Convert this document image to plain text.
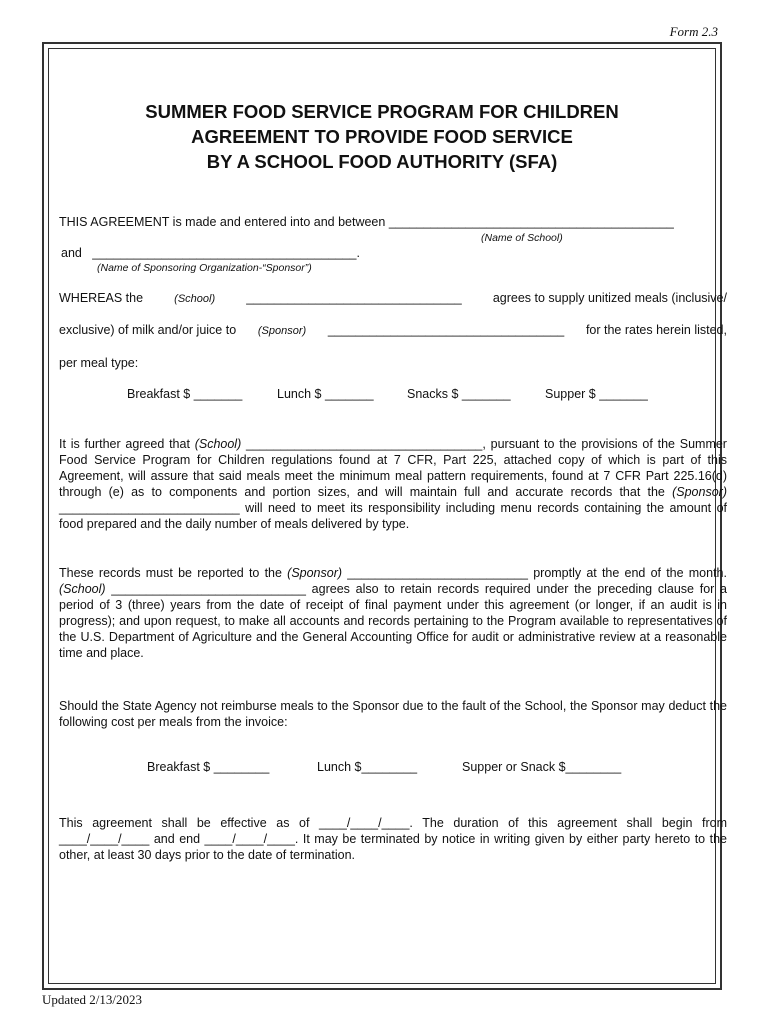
Form 2.3
SUMMER FOOD SERVICE PROGRAM FOR CHILDREN
AGREEMENT TO PROVIDE FOOD SERVICE
BY A SCHOOL FOOD AUTHORITY (SFA)
THIS AGREEMENT is made and entered into and between _________________________________________
(Name of School)
and ______________________________________.
(Name of Sponsoring Organization-“Sponsor”)
WHEREAS the	(School) _______________________________ agrees to supply unitized meals (inclusive/
exclusive) of milk and/or juice to (Sponsor) __________________________________ for the rates herein listed,
per meal type:
Breakfast $ _______	Lunch $ _______	Snacks $ _______	Supper $ _______

It is further agreed that (School) __________________________________, pursuant to the provisions of the Summer Food Service Program for Children regulations found at 7 CFR, Part 225, attached copy of which is part of this Agreement, will assure that said meals meet the minimum meal pattern requirements, found at 7 CFR Part 225.16(d) through (e) as to components and portion sizes, and will maintain full and accurate records that the (Sponsor) __________________________ will need to meet its responsibility including menu records containing the amount of food prepared and the daily number of meals delivered by type.

These records must be reported to the (Sponsor) __________________________ promptly at the end of the month. (School) ____________________________ agrees also to retain records required under the preceding clause for a period of 3 (three) years from the date of receipt of final payment under this agreement (or longer, if an audit is in progress); and upon request, to make all accounts and records pertaining to the Program available to representatives of the U.S. Department of Agriculture and the General Accounting Office for audit or administrative review at a reasonable time and place.

Should the State Agency not reimburse meals to the Sponsor due to the fault of the School, the Sponsor may deduct the following cost per meals from the invoice:

Breakfast $ ________	Lunch $________	Supper or Snack $________

This agreement shall be effective as of ____/____/____. The duration of this agreement shall begin from ____/____/____ and end ____/____/____. It may be terminated by notice in writing given by either party hereto to the other, at least 30 days prior to the date of termination.

Updated 2/13/2023
